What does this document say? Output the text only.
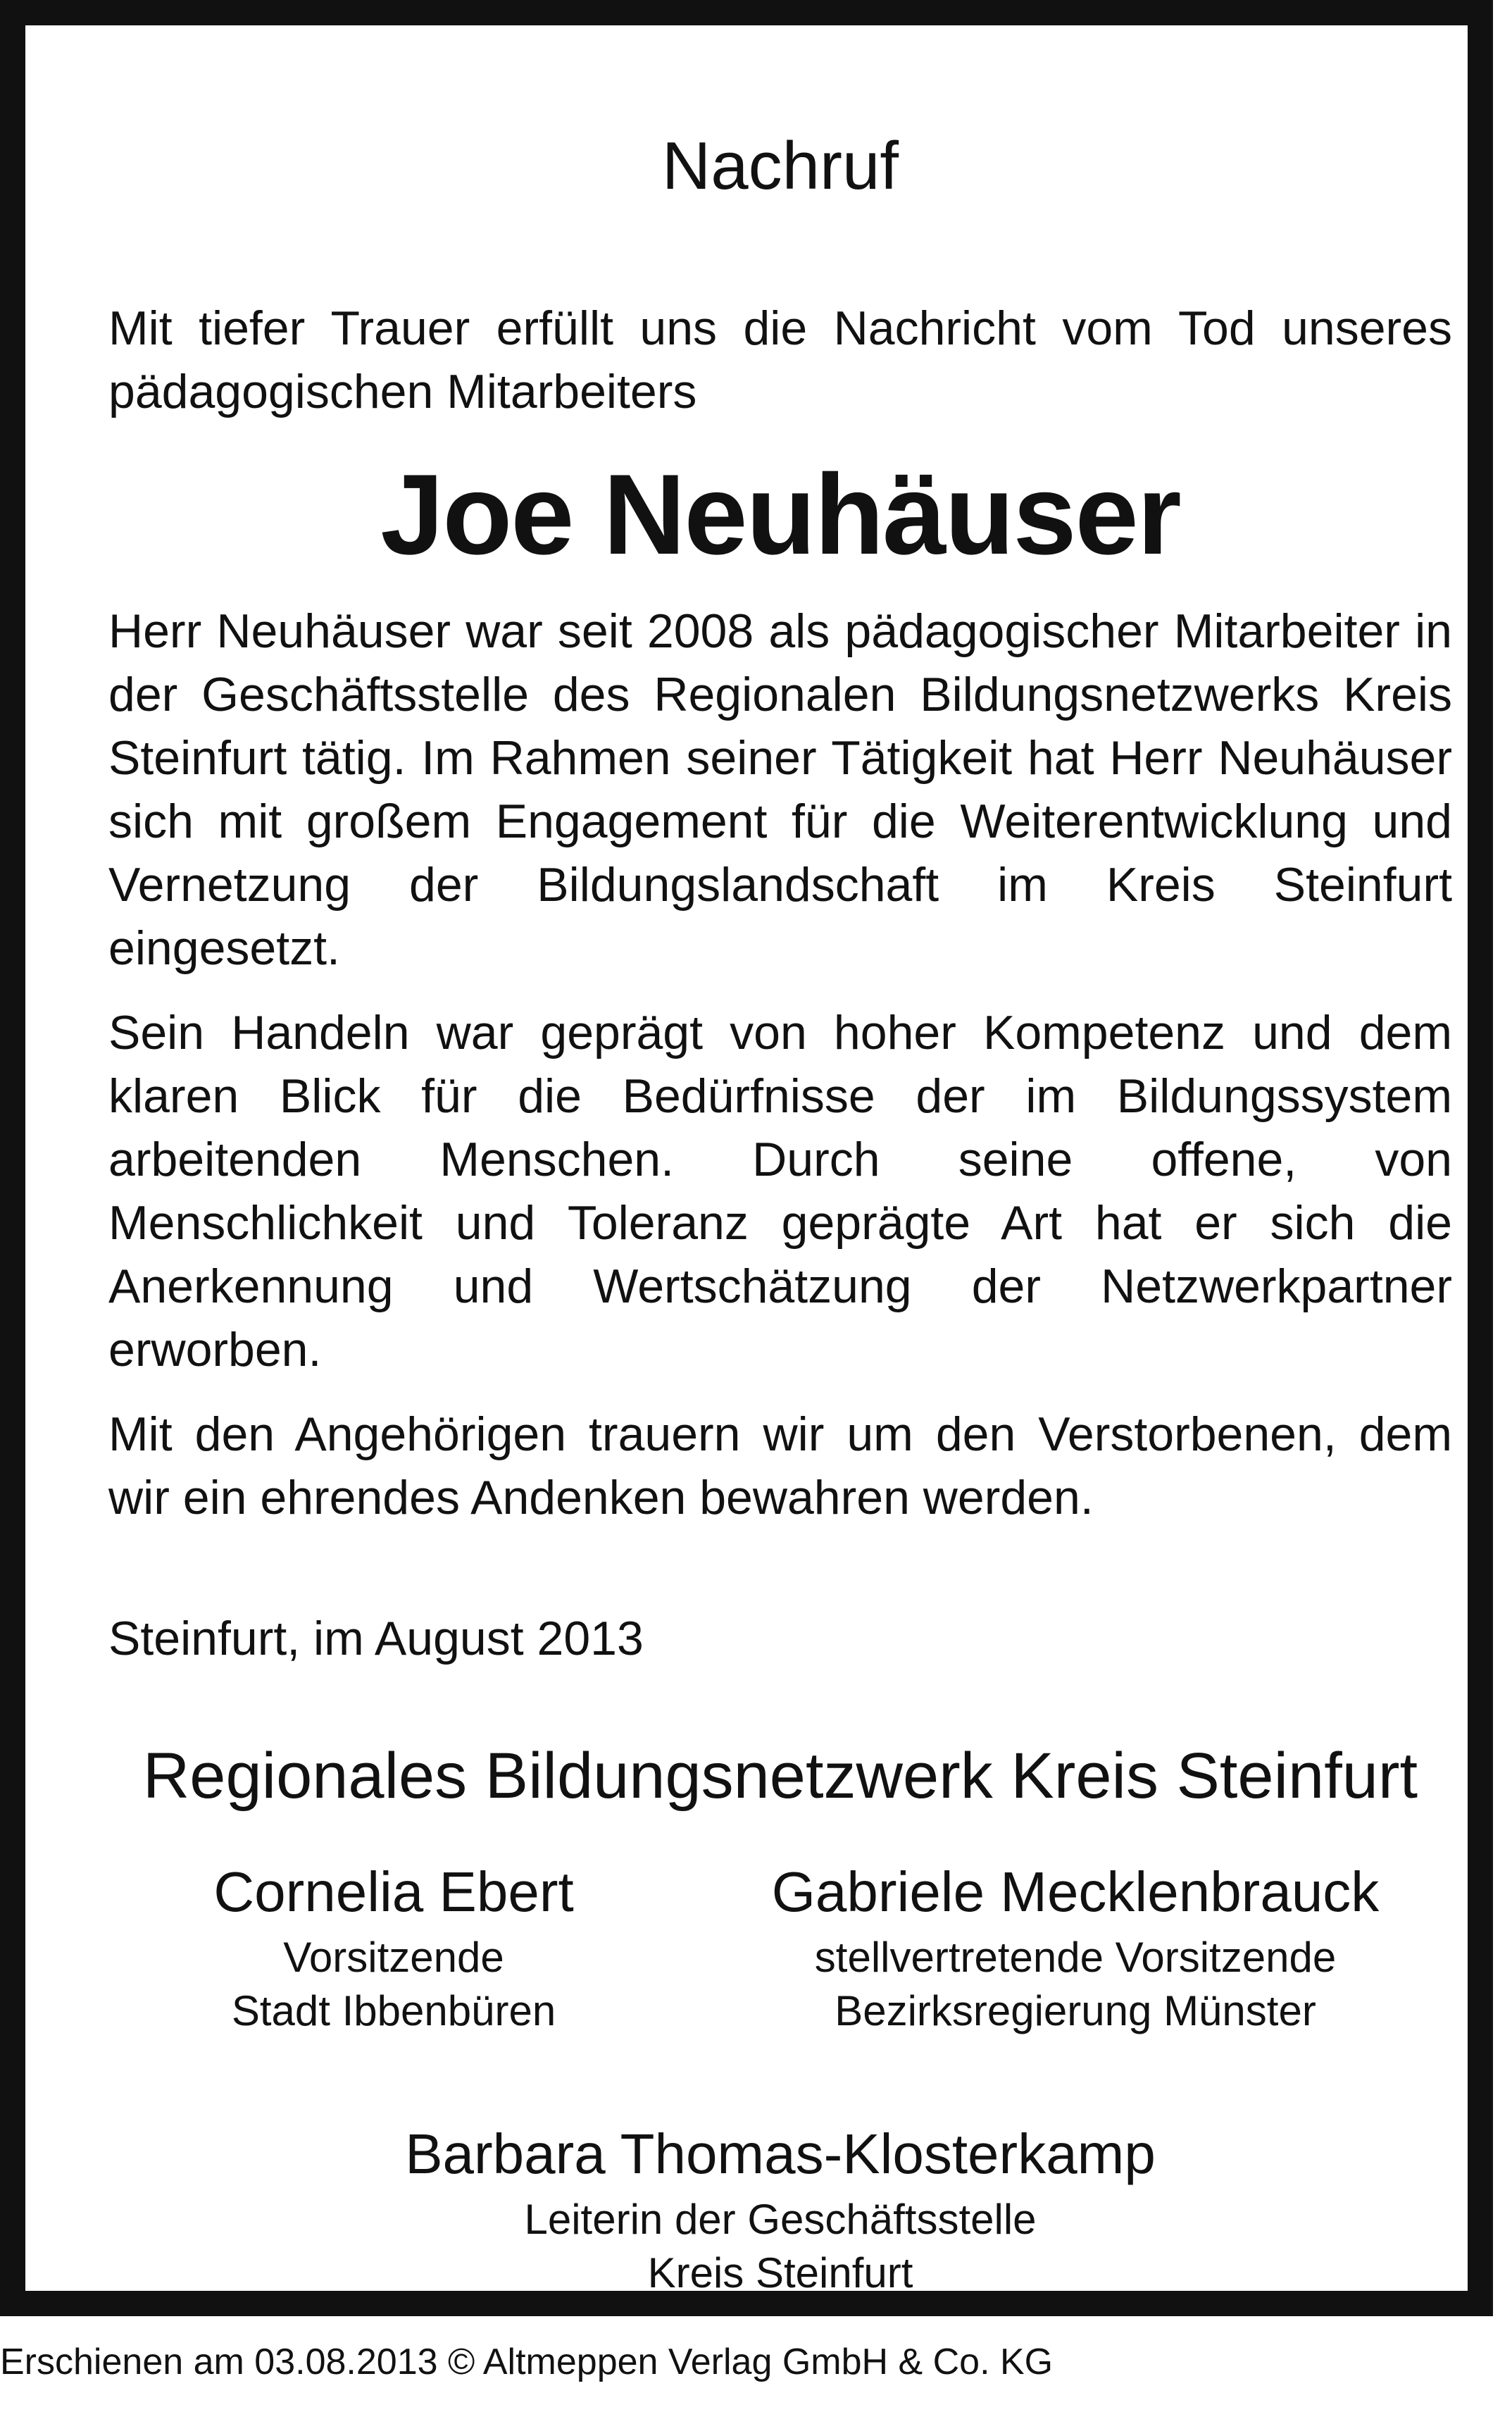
Nachruf
Mit tiefer Trauer erfüllt uns die Nachricht vom Tod unseres pädagogischen Mitarbeiters
Joe Neuhäuser
Herr Neuhäuser war seit 2008 als pädagogischer Mitarbeiter in der Geschäftsstelle des Regionalen Bildungsnetzwerks Kreis Steinfurt tätig. Im Rahmen seiner Tätigkeit hat Herr Neuhäuser sich mit großem Engagement für die Weiterentwicklung und Vernetzung der Bildungslandschaft im Kreis Steinfurt eingesetzt.
Sein Handeln war geprägt von hoher Kompetenz und dem klaren Blick für die Bedürfnisse der im Bildungssystem arbeitenden Menschen. Durch seine offene, von Menschlichkeit und Toleranz geprägte Art hat er sich die Anerkennung und Wertschätzung der Netzwerkpartner erworben.
Mit den Angehörigen trauern wir um den Verstorbenen, dem wir ein ehrendes Andenken bewahren werden.
Steinfurt, im August 2013
Regionales Bildungsnetzwerk Kreis Steinfurt
Cornelia Ebert
Vorsitzende
Stadt Ibbenbüren
Gabriele Mecklenbrauck
stellvertretende Vorsitzende
Bezirksregierung Münster
Barbara Thomas-Klosterkamp
Leiterin der Geschäftsstelle
Kreis Steinfurt
Erschienen am 03.08.2013 © Altmeppen Verlag GmbH & Co. KG
